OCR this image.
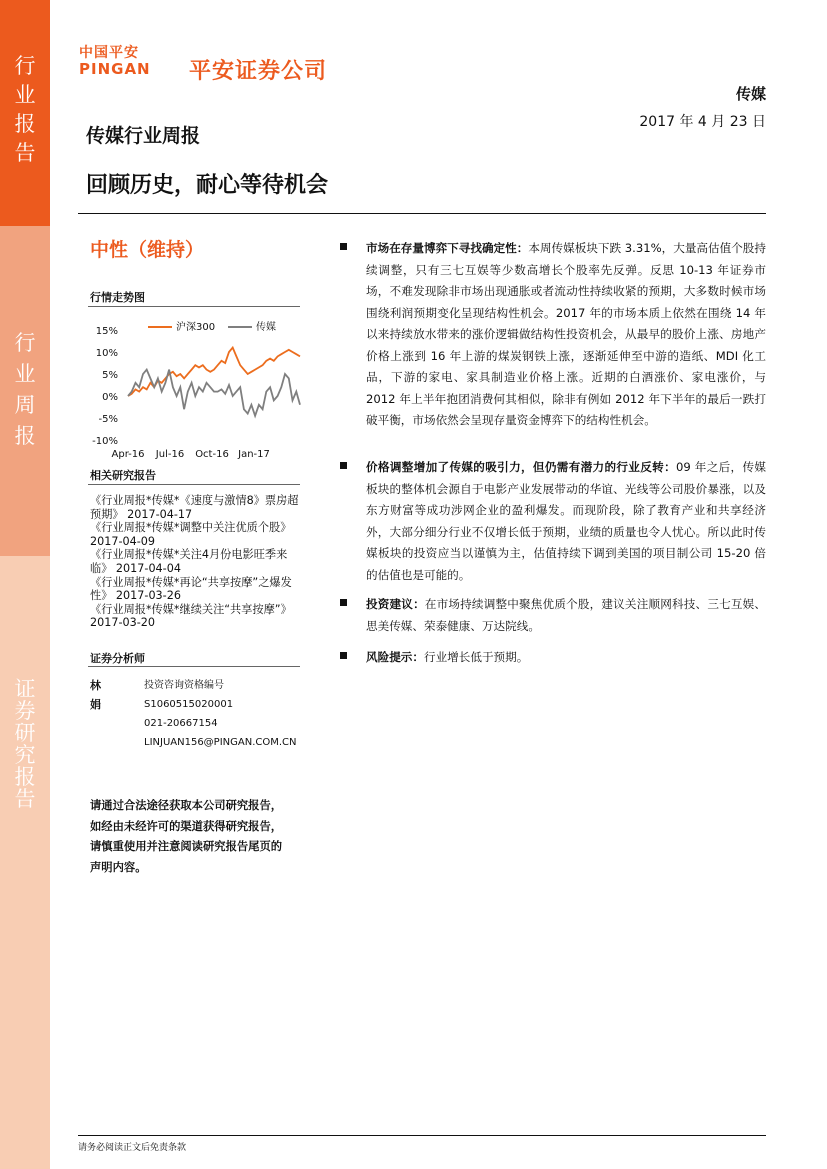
行
业
报
告
行
业
周
报
证
券
研
究
报
告
中国平安
PINGAN	平安证券公司
传媒
2017 年 4 月 23 日
传媒行业周报
回顾历史，耐心等待机会
中性（维持）
行情走势图
15%
10%
5%
0%
-5%
-10%
Apr-16 Jul-16 Oct-16 Jan-17
沪深300	传媒
相关研究报告
《行业周报*传媒*《速度与激情8》票房超预期》 2017-04-17
《行业周报*传媒*调整中关注优质个股》 2017-04-09
《行业周报*传媒*关注4月份电影旺季来临》 2017-04-04
《行业周报*传媒*再论“共享按摩”之爆发性》 2017-03-26
《行业周报*传媒*继续关注“共享按摩”》 2017-03-20
证券分析师
林娟
投资咨询资格编号
S1060515020001
021-20667154
LINJUAN156@PINGAN.COM.CN
请通过合法途径获取本公司研究报告，如经由未经许可的渠道获得研究报告，请慎重使用并注意阅读研究报告尾页的声明内容。
市场在存量博弈下寻找确定性：本周传媒板块下跌 3.31%，大量高估值个股持续调整，只有三七互娱等少数高增长个股率先反弹。反思 10-13 年证券市场，不难发现除非市场出现通胀或者流动性持续收紧的预期，大多数时候市场围绕利润预期变化呈现结构性机会。2017 年的市场本质上依然在围绕 14 年以来持续放水带来的涨价逻辑做结构性投资机会，从最早的股价上涨、房地产价格上涨到 16 年上游的煤炭钢铁上涨，逐渐延伸至中游的造纸、MDI 化工品，下游的家电、家具制造业价格上涨。近期的白酒涨价、家电涨价，与 2012 年上半年抱团消费何其相似，除非有例如 2012 年下半年的最后一跌打破平衡，市场依然会呈现存量资金博弈下的结构性机会。
价格调整增加了传媒的吸引力，但仍需有潜力的行业反转：09 年之后，传媒板块的整体机会源自于电影产业发展带动的华谊、光线等公司股价暴涨，以及东方财富等成功涉网企业的盈利爆发。而现阶段，除了教育产业和共享经济外，大部分细分行业不仅增长低于预期，业绩的质量也令人忧心。所以此时传媒板块的投资应当以谨慎为主，估值持续下调到美国的项目制公司 15-20 倍的估值也是可能的。
投资建议：在市场持续调整中聚焦优质个股，建议关注顺网科技、三七互娱、思美传媒、荣泰健康、万达院线。
风险提示：行业增长低于预期。
请务必阅读正文后免责条款
